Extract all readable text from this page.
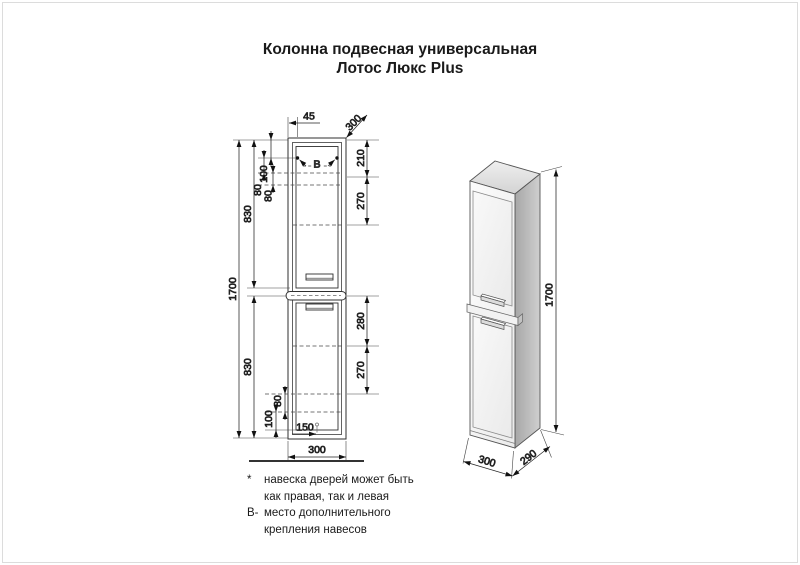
Колонна подвесная универсальная
Лотос Люкс Plus
В
1700
830
830
100
80
80
45	300
210
270
280
270
80
100 150
300
1700
300 290
*	навеска дверей может быть
как правая, так и левая
В- место дополнительного
крепления навесов
